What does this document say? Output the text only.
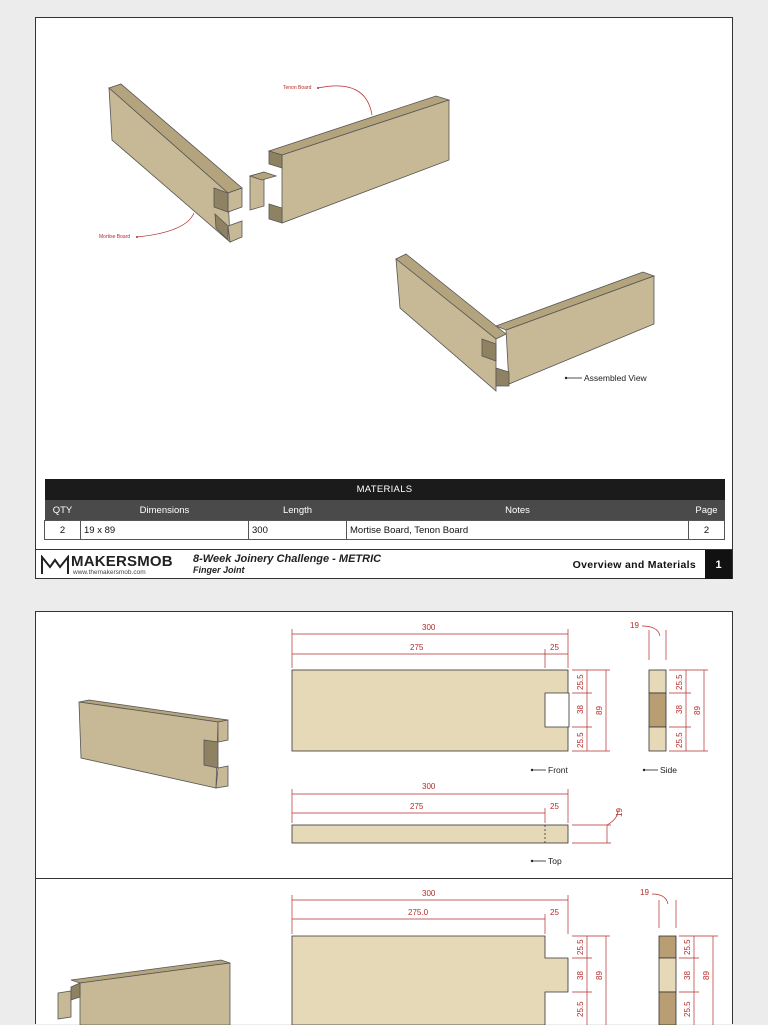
Tenon Board
Mortise Board
Assembled View
MATERIALS				
QTY	Dimensions	Length	Notes	Page
2	19 x 89	300	Mortise Board, Tenon Board	2
MAKERSMOB
www.themakersmob.com
8-Week Joinery Challenge - METRIC
Finger Joint	Overview and Materials	1
300
275	25
25.5
38
25.5
89
Front
19
25.5
38
25.5
89
Side
300
275	25
19
Top
300
275.0	25
25.5
38
25.5
89
19
25.5
38
25.5
89
